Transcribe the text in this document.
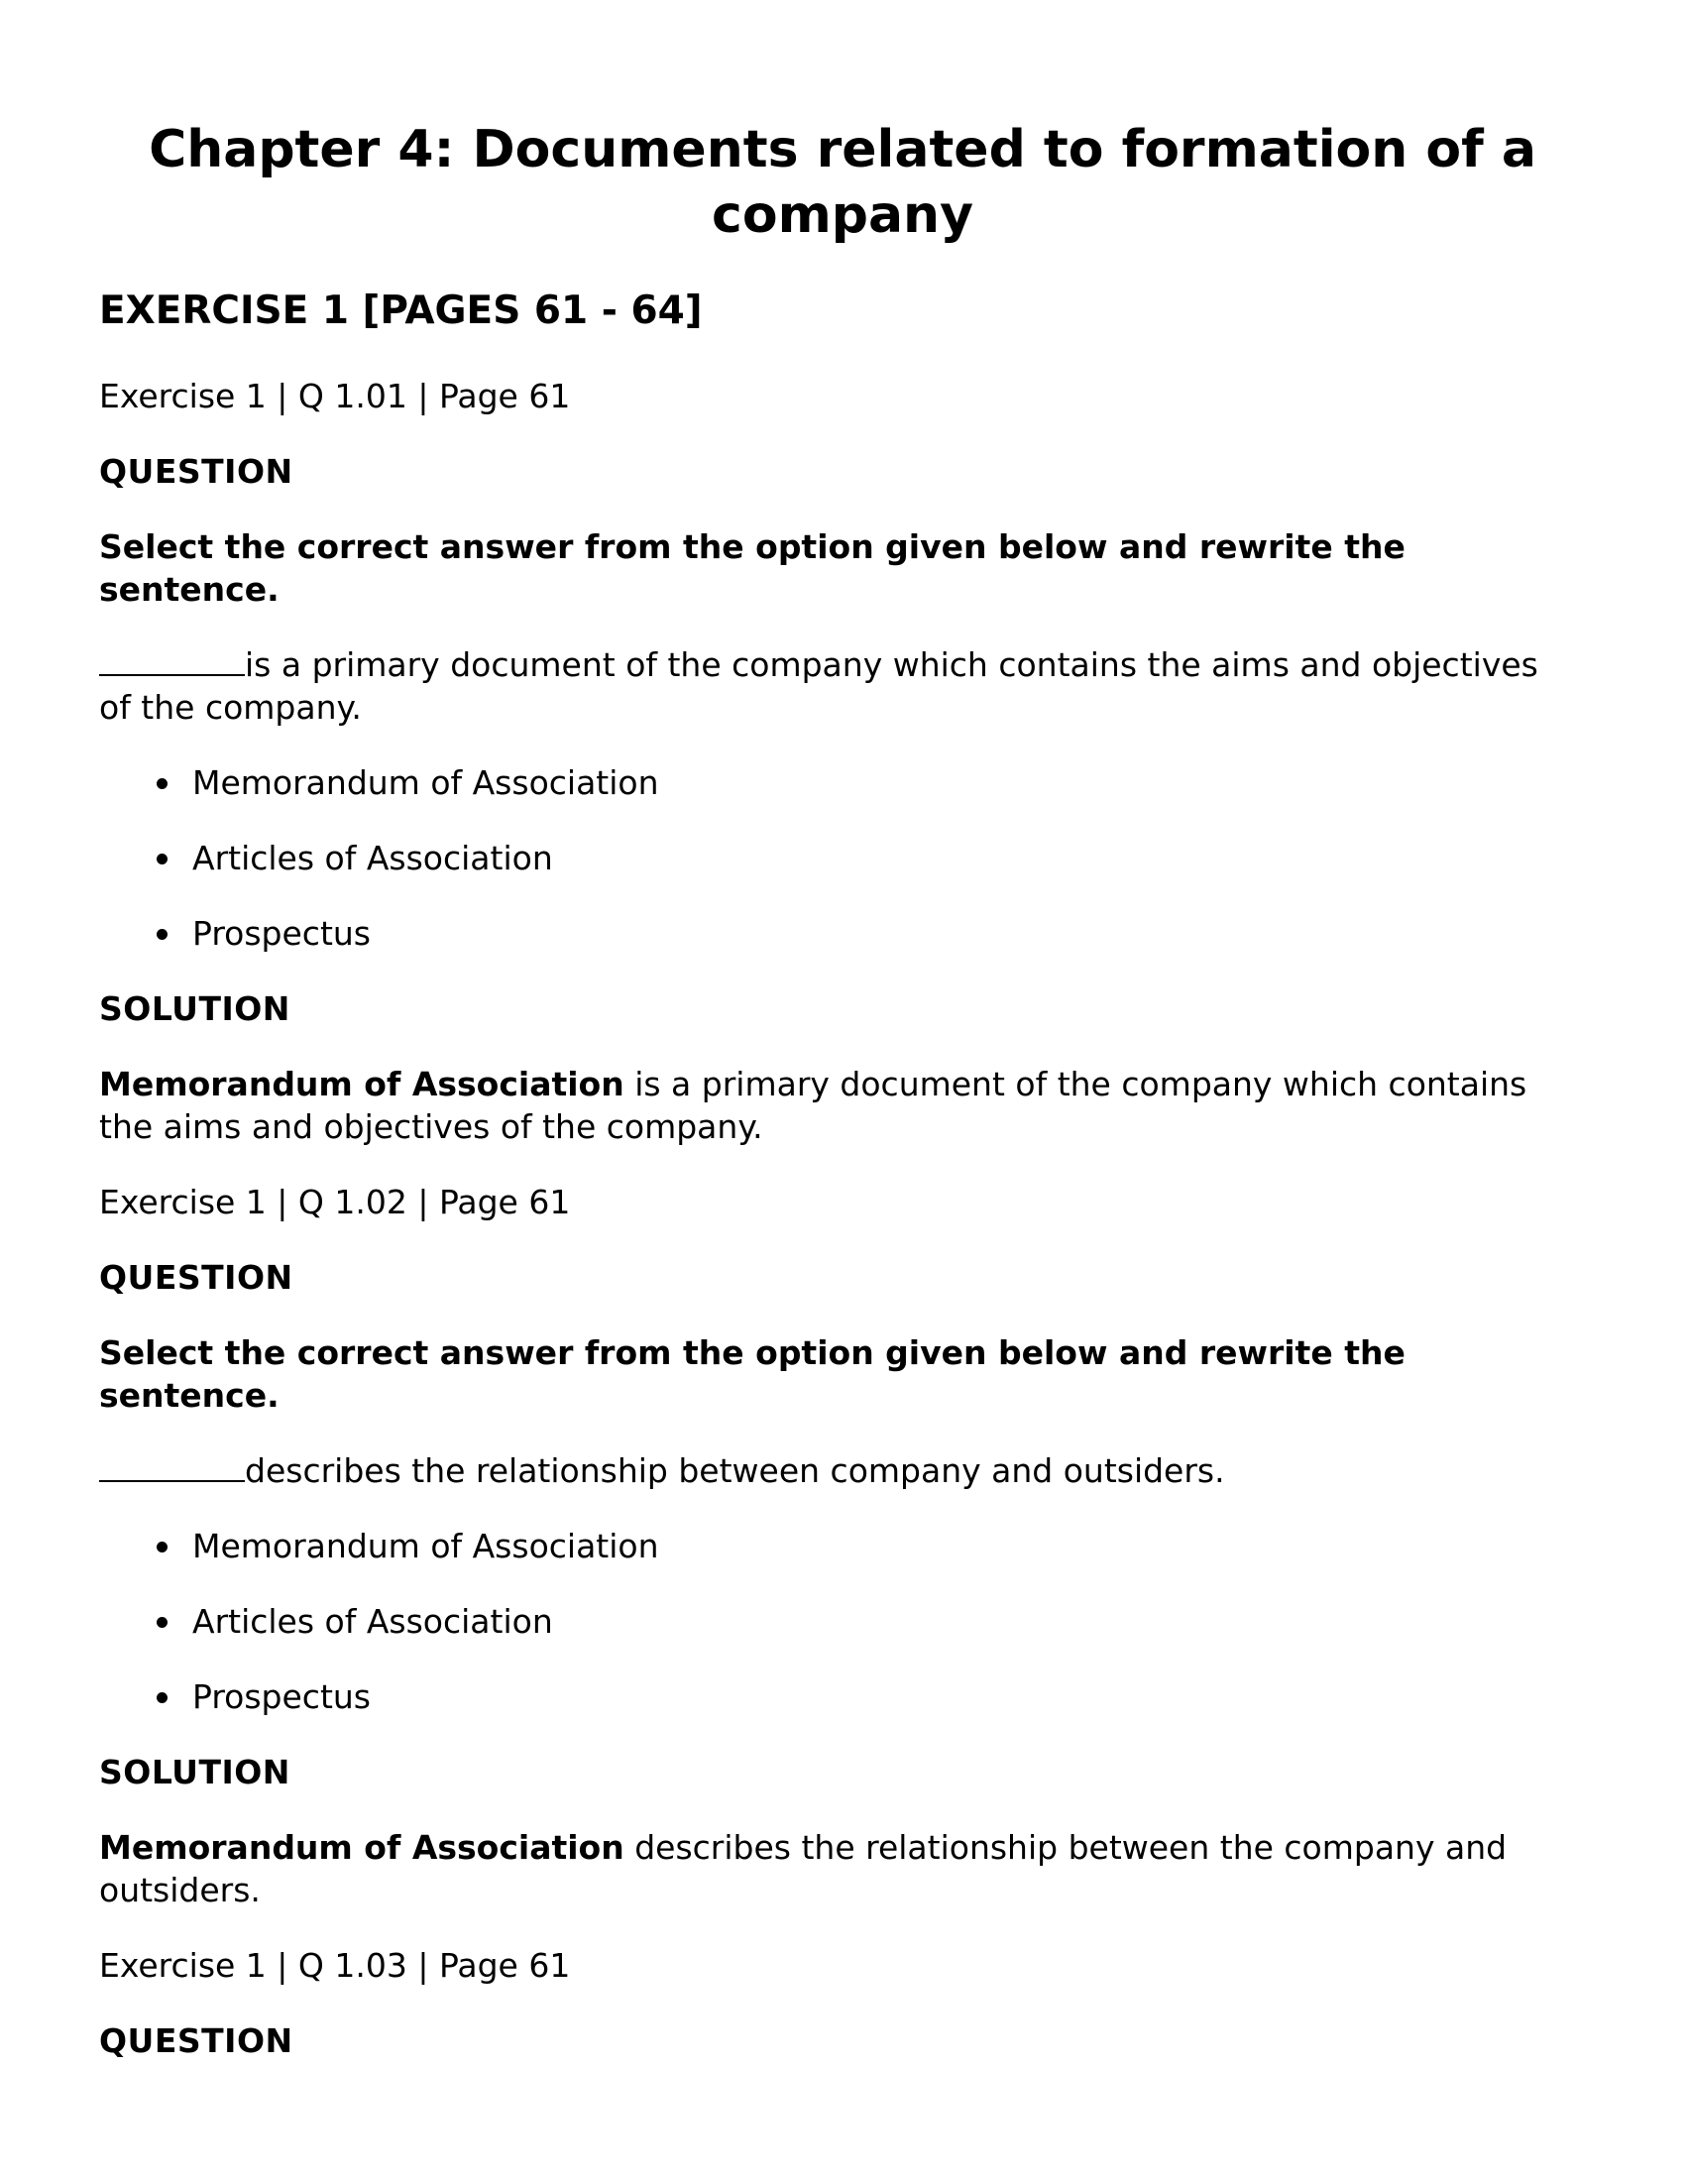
Chapter 4: Documents related to formation of a company
EXERCISE 1 [PAGES 61 - 64]

Exercise 1 | Q 1.01 | Page 61

QUESTION

Select the correct answer from the option given below and rewrite the sentence.

is a primary document of the company which contains the aims and objectives of the company.

Memorandum of Association
Articles of Association
Prospectus

SOLUTION

Memorandum of Association is a primary document of the company which contains the aims and objectives of the company.

Exercise 1 | Q 1.02 | Page 61

QUESTION

Select the correct answer from the option given below and rewrite the sentence.

describes the relationship between company and outsiders.

Memorandum of Association
Articles of Association
Prospectus

SOLUTION

Memorandum of Association describes the relationship between the company and outsiders.

Exercise 1 | Q 1.03 | Page 61

QUESTION
